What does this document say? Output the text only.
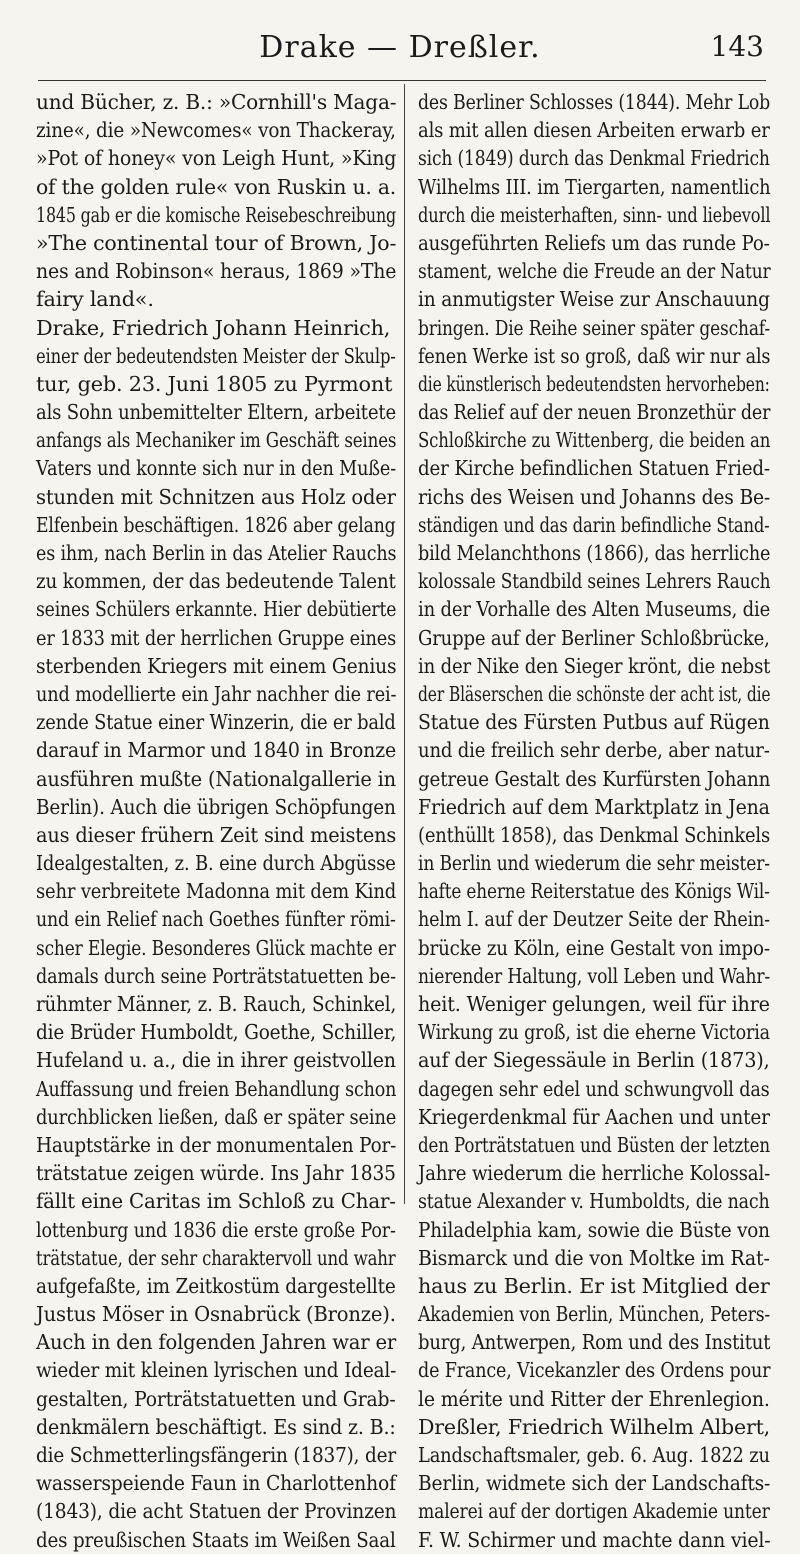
Drake — Dreßler.	143
und Bücher, z. B.: »Cornhill's Maga-
zine«, die »Newcomes« von Thackeray,
»Pot of honey« von Leigh Hunt, »King
of the golden rule« von Ruskin u. a.
1845 gab er die komische Reisebeschreibung
»The continental tour of Brown, Jo-
nes and Robinson« heraus, 1869 »The
fairy land«.
Drake, Friedrich Johann Heinrich,
einer der bedeutendsten Meister der Skulp-
tur, geb. 23. Juni 1805 zu Pyrmont
als Sohn unbemittelter Eltern, arbeitete
anfangs als Mechaniker im Geschäft seines
Vaters und konnte sich nur in den Muße-
stunden mit Schnitzen aus Holz oder
Elfenbein beschäftigen. 1826 aber gelang
es ihm, nach Berlin in das Atelier Rauchs
zu kommen, der das bedeutende Talent
seines Schülers erkannte. Hier debütierte
er 1833 mit der herrlichen Gruppe eines
sterbenden Kriegers mit einem Genius
und modellierte ein Jahr nachher die rei-
zende Statue einer Winzerin, die er bald
darauf in Marmor und 1840 in Bronze
ausführen mußte (Nationalgallerie in
Berlin). Auch die übrigen Schöpfungen
aus dieser frühern Zeit sind meistens
Idealgestalten, z. B. eine durch Abgüsse
sehr verbreitete Madonna mit dem Kind
und ein Relief nach Goethes fünfter römi-
scher Elegie. Besonderes Glück machte er
damals durch seine Porträtstatuetten be-
rühmter Männer, z. B. Rauch, Schinkel,
die Brüder Humboldt, Goethe, Schiller,
Hufeland u. a., die in ihrer geistvollen
Auffassung und freien Behandlung schon
durchblicken ließen, daß er später seine
Hauptstärke in der monumentalen Por-
trätstatue zeigen würde. Ins Jahr 1835
fällt eine Caritas im Schloß zu Char-
lottenburg und 1836 die erste große Por-
trätstatue, der sehr charaktervoll und wahr
aufgefaßte, im Zeitkostüm dargestellte
Justus Möser in Osnabrück (Bronze).
Auch in den folgenden Jahren war er
wieder mit kleinen lyrischen und Ideal-
gestalten, Porträtstatuetten und Grab-
denkmälern beschäftigt. Es sind z. B.:
die Schmetterlingsfängerin (1837), der
wasserspeiende Faun in Charlottenhof
(1843), die acht Statuen der Provinzen
des preußischen Staats im Weißen Saal
des Berliner Schlosses (1844). Mehr Lob
als mit allen diesen Arbeiten erwarb er
sich (1849) durch das Denkmal Friedrich
Wilhelms III. im Tiergarten, namentlich
durch die meisterhaften, sinn- und liebevoll
ausgeführten Reliefs um das runde Po-
stament, welche die Freude an der Natur
in anmutigster Weise zur Anschauung
bringen. Die Reihe seiner später geschaf-
fenen Werke ist so groß, daß wir nur als
die künstlerisch bedeutendsten hervorheben:
das Relief auf der neuen Bronzethür der
Schloßkirche zu Wittenberg, die beiden an
der Kirche befindlichen Statuen Fried-
richs des Weisen und Johanns des Be-
ständigen und das darin befindliche Stand-
bild Melanchthons (1866), das herrliche
kolossale Standbild seines Lehrers Rauch
in der Vorhalle des Alten Museums, die
Gruppe auf der Berliner Schloßbrücke,
in der Nike den Sieger krönt, die nebst
der Bläserschen die schönste der acht ist, die
Statue des Fürsten Putbus auf Rügen
und die freilich sehr derbe, aber natur-
getreue Gestalt des Kurfürsten Johann
Friedrich auf dem Marktplatz in Jena
(enthüllt 1858), das Denkmal Schinkels
in Berlin und wiederum die sehr meister-
hafte eherne Reiterstatue des Königs Wil-
helm I. auf der Deutzer Seite der Rhein-
brücke zu Köln, eine Gestalt von impo-
nierender Haltung, voll Leben und Wahr-
heit. Weniger gelungen, weil für ihre
Wirkung zu groß, ist die eherne Victoria
auf der Siegessäule in Berlin (1873),
dagegen sehr edel und schwungvoll das
Kriegerdenkmal für Aachen und unter
den Porträtstatuen und Büsten der letzten
Jahre wiederum die herrliche Kolossal-
statue Alexander v. Humboldts, die nach
Philadelphia kam, sowie die Büste von
Bismarck und die von Moltke im Rat-
haus zu Berlin. Er ist Mitglied der
Akademien von Berlin, München, Peters-
burg, Antwerpen, Rom und des Institut
de France, Vicekanzler des Ordens pour
le mérite und Ritter der Ehrenlegion.
Dreßler, Friedrich Wilhelm Albert,
Landschaftsmaler, geb. 6. Aug. 1822 zu
Berlin, widmete sich der Landschafts-
malerei auf der dortigen Akademie unter
F. W. Schirmer und machte dann viel-
